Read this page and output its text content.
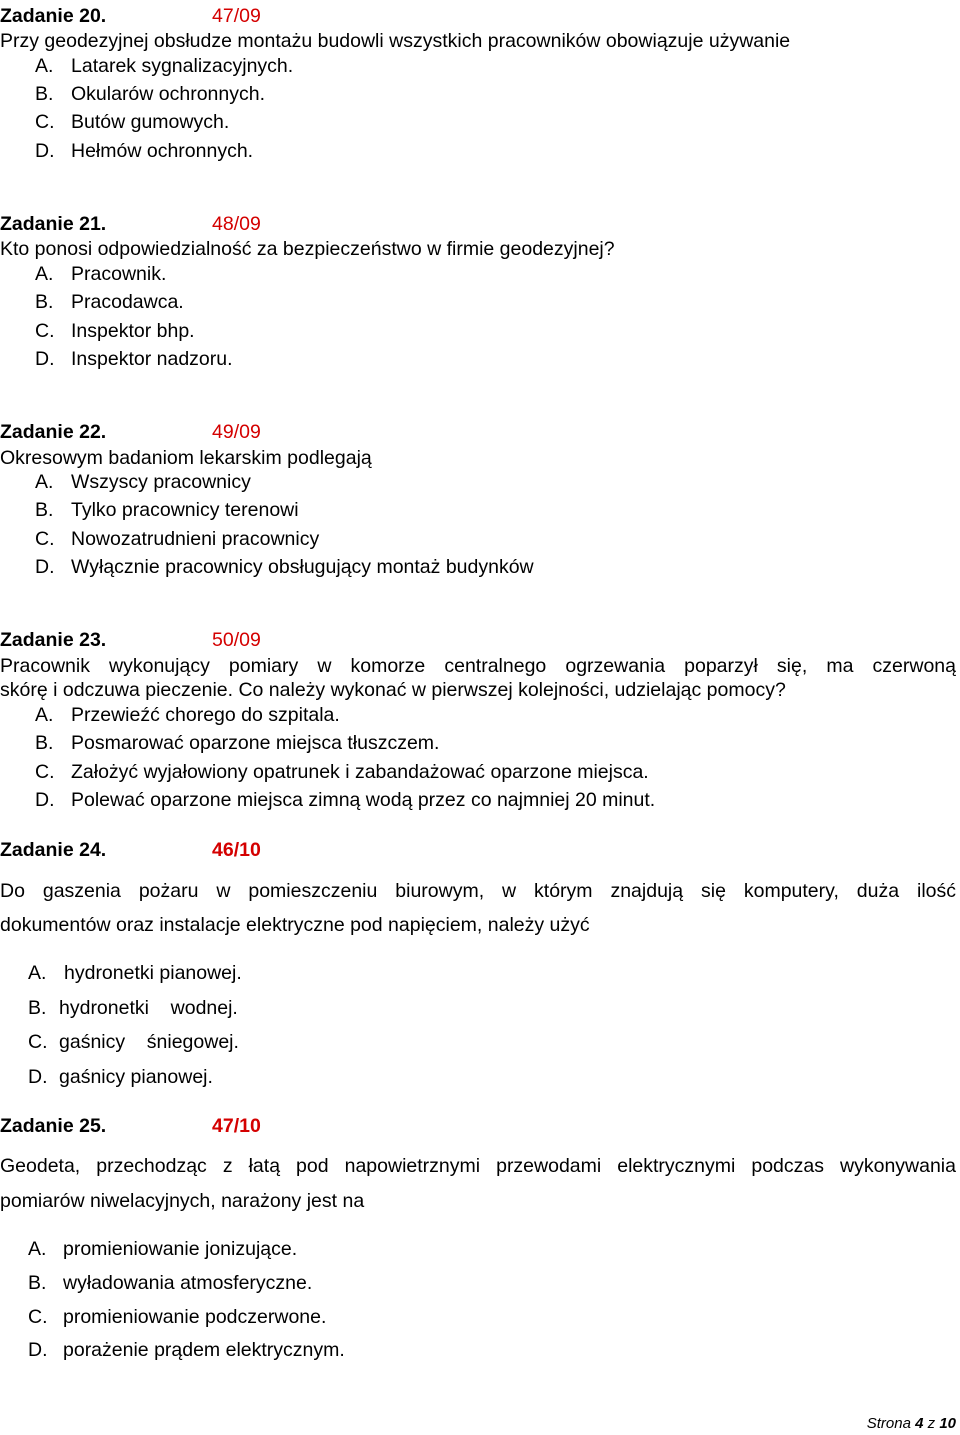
Zadanie 20.	47/09
Przy geodezyjnej obsłudze montażu budowli wszystkich pracowników obowiązuje używanie
A. Latarek sygnalizacyjnych.
B. Okularów ochronnych.
C. Butów gumowych.
D. Hełmów ochronnych.
Zadanie 21.	48/09
Kto ponosi odpowiedzialność za bezpieczeństwo w firmie geodezyjnej?
A. Pracownik.
B. Pracodawca.
C. Inspektor bhp.
D. Inspektor nadzoru.
Zadanie 22.	49/09
Okresowym badaniom lekarskim podlegają
A. Wszyscy pracownicy
B. Tylko pracownicy terenowi
C. Nowozatrudnieni pracownicy
D. Wyłącznie pracownicy obsługujący montaż budynków
Zadanie 23.	50/09
Pracownik wykonujący pomiary w komorze centralnego ogrzewania poparzył się, ma czerwoną
skórę i odczuwa pieczenie. Co należy wykonać w pierwszej kolejności, udzielając pomocy?
A. Przewieźć chorego do szpitala.
B. Posmarować oparzone miejsca tłuszczem.
C. Założyć wyjałowiony opatrunek i zabandażować oparzone miejsca.
D. Polewać oparzone miejsca zimną wodą przez co najmniej 20 minut.
Zadanie 24.	46/10
Do gaszenia pożaru w pomieszczeniu biurowym, w którym znajdują się komputery, duża ilość
dokumentów oraz instalacje elektryczne pod napięciem, należy użyć
A. hydronetki pianowej.
B. hydronetki    wodnej.
C. gaśnicy    śniegowej.
D. gaśnicy pianowej.
Zadanie 25.	47/10
Geodeta, przechodząc z łatą pod napowietrznymi przewodami elektrycznymi podczas wykonywania
pomiarów niwelacyjnych, narażony jest na
A. promieniowanie jonizujące.
B. wyładowania atmosferyczne.
C. promieniowanie podczerwone.
D. porażenie prądem elektrycznym.
Strona 4 z 10
